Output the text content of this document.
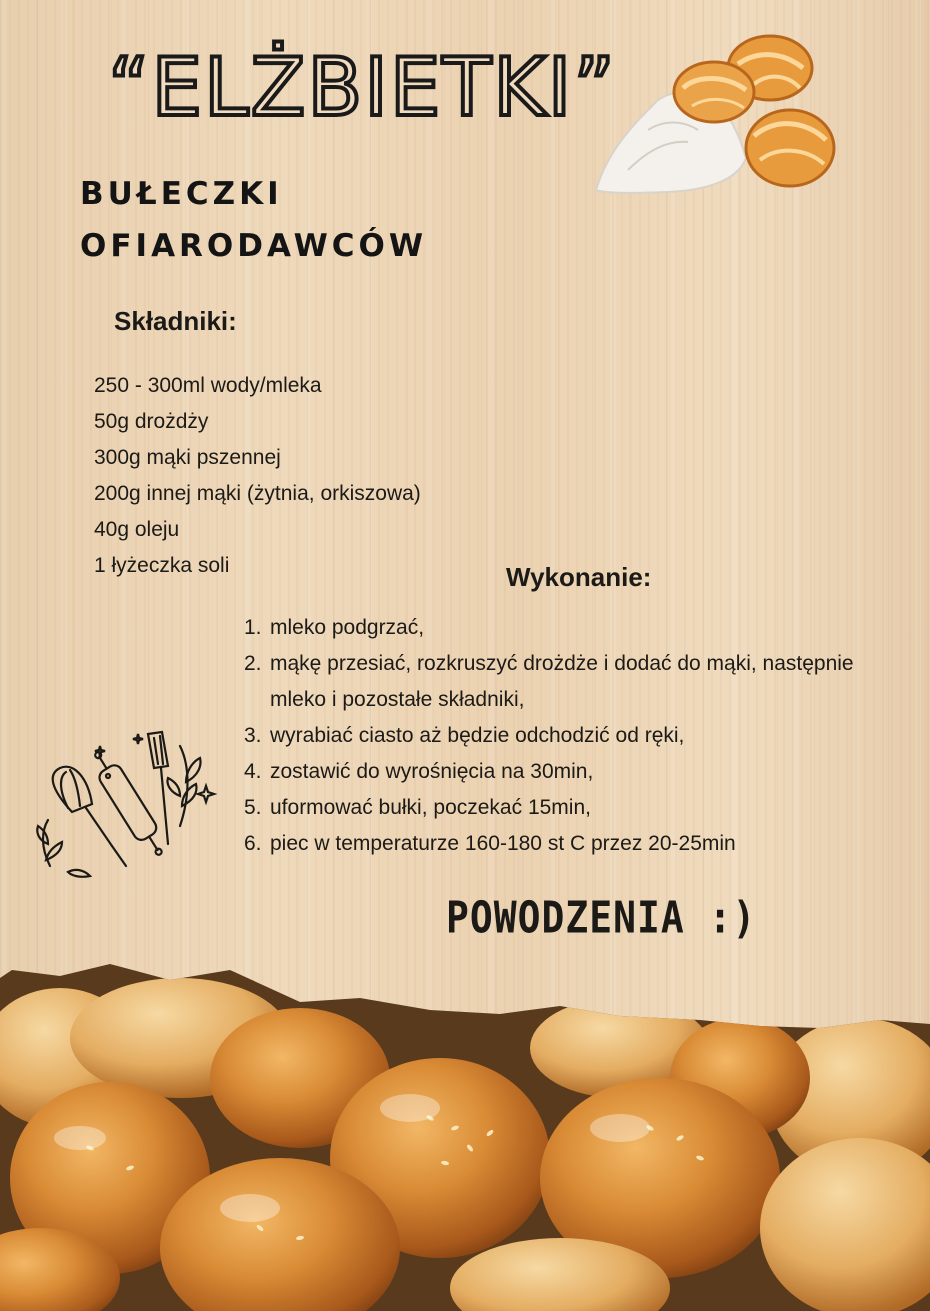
“ELŻBIETKI”
BUŁECZKI
OFIARODAWCÓW
Składniki:
250 - 300ml wody/mleka
50g drożdży
300g mąki pszennej
200g innej mąki (żytnia, orkiszowa)
40g oleju
1 łyżeczka soli	Wykonanie:
1. mleko podgrzać,
2. mąkę przesiać, rozkruszyć drożdże i dodać do mąki, następnie mleko i pozostałe składniki,
3. wyrabiać ciasto aż będzie odchodzić od ręki,
4. zostawić do wyrośnięcia na 30min,
5. uformować bułki, poczekać 15min,
6. piec w temperaturze 160-180 st C przez 20-25min
POWODZENIA :)
